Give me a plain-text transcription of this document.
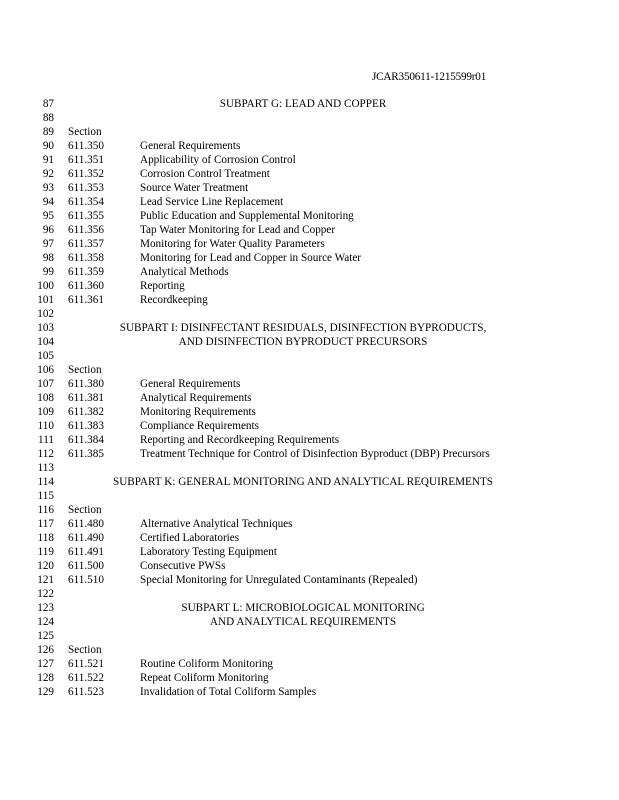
JCAR350611-1215599r01
87	SUBPART G: LEAD AND COPPER
88
89 Section
90 611.350	General Requirements
91 611.351	Applicability of Corrosion Control
92 611.352	Corrosion Control Treatment
93 611.353	Source Water Treatment
94 611.354	Lead Service Line Replacement
95 611.355	Public Education and Supplemental Monitoring
96 611.356	Tap Water Monitoring for Lead and Copper
97 611.357	Monitoring for Water Quality Parameters
98 611.358	Monitoring for Lead and Copper in Source Water
99 611.359	Analytical Methods
100 611.360	Reporting
101 611.361	Recordkeeping
102
103	SUBPART I: DISINFECTANT RESIDUALS, DISINFECTION BYPRODUCTS,
104	AND DISINFECTION BYPRODUCT PRECURSORS
105
106 Section
107 611.380	General Requirements
108 611.381	Analytical Requirements
109 611.382	Monitoring Requirements
110 611.383	Compliance Requirements
111 611.384	Reporting and Recordkeeping Requirements
112 611.385	Treatment Technique for Control of Disinfection Byproduct (DBP) Precursors
113
114	SUBPART K: GENERAL MONITORING AND ANALYTICAL REQUIREMENTS
115
116 Section
117 611.480	Alternative Analytical Techniques
118 611.490	Certified Laboratories
119 611.491	Laboratory Testing Equipment
120 611.500	Consecutive PWSs
121 611.510	Special Monitoring for Unregulated Contaminants (Repealed)
122
123	SUBPART L: MICROBIOLOGICAL MONITORING
124	AND ANALYTICAL REQUIREMENTS
125
126 Section
127 611.521	Routine Coliform Monitoring
128 611.522	Repeat Coliform Monitoring
129 611.523	Invalidation of Total Coliform Samples
